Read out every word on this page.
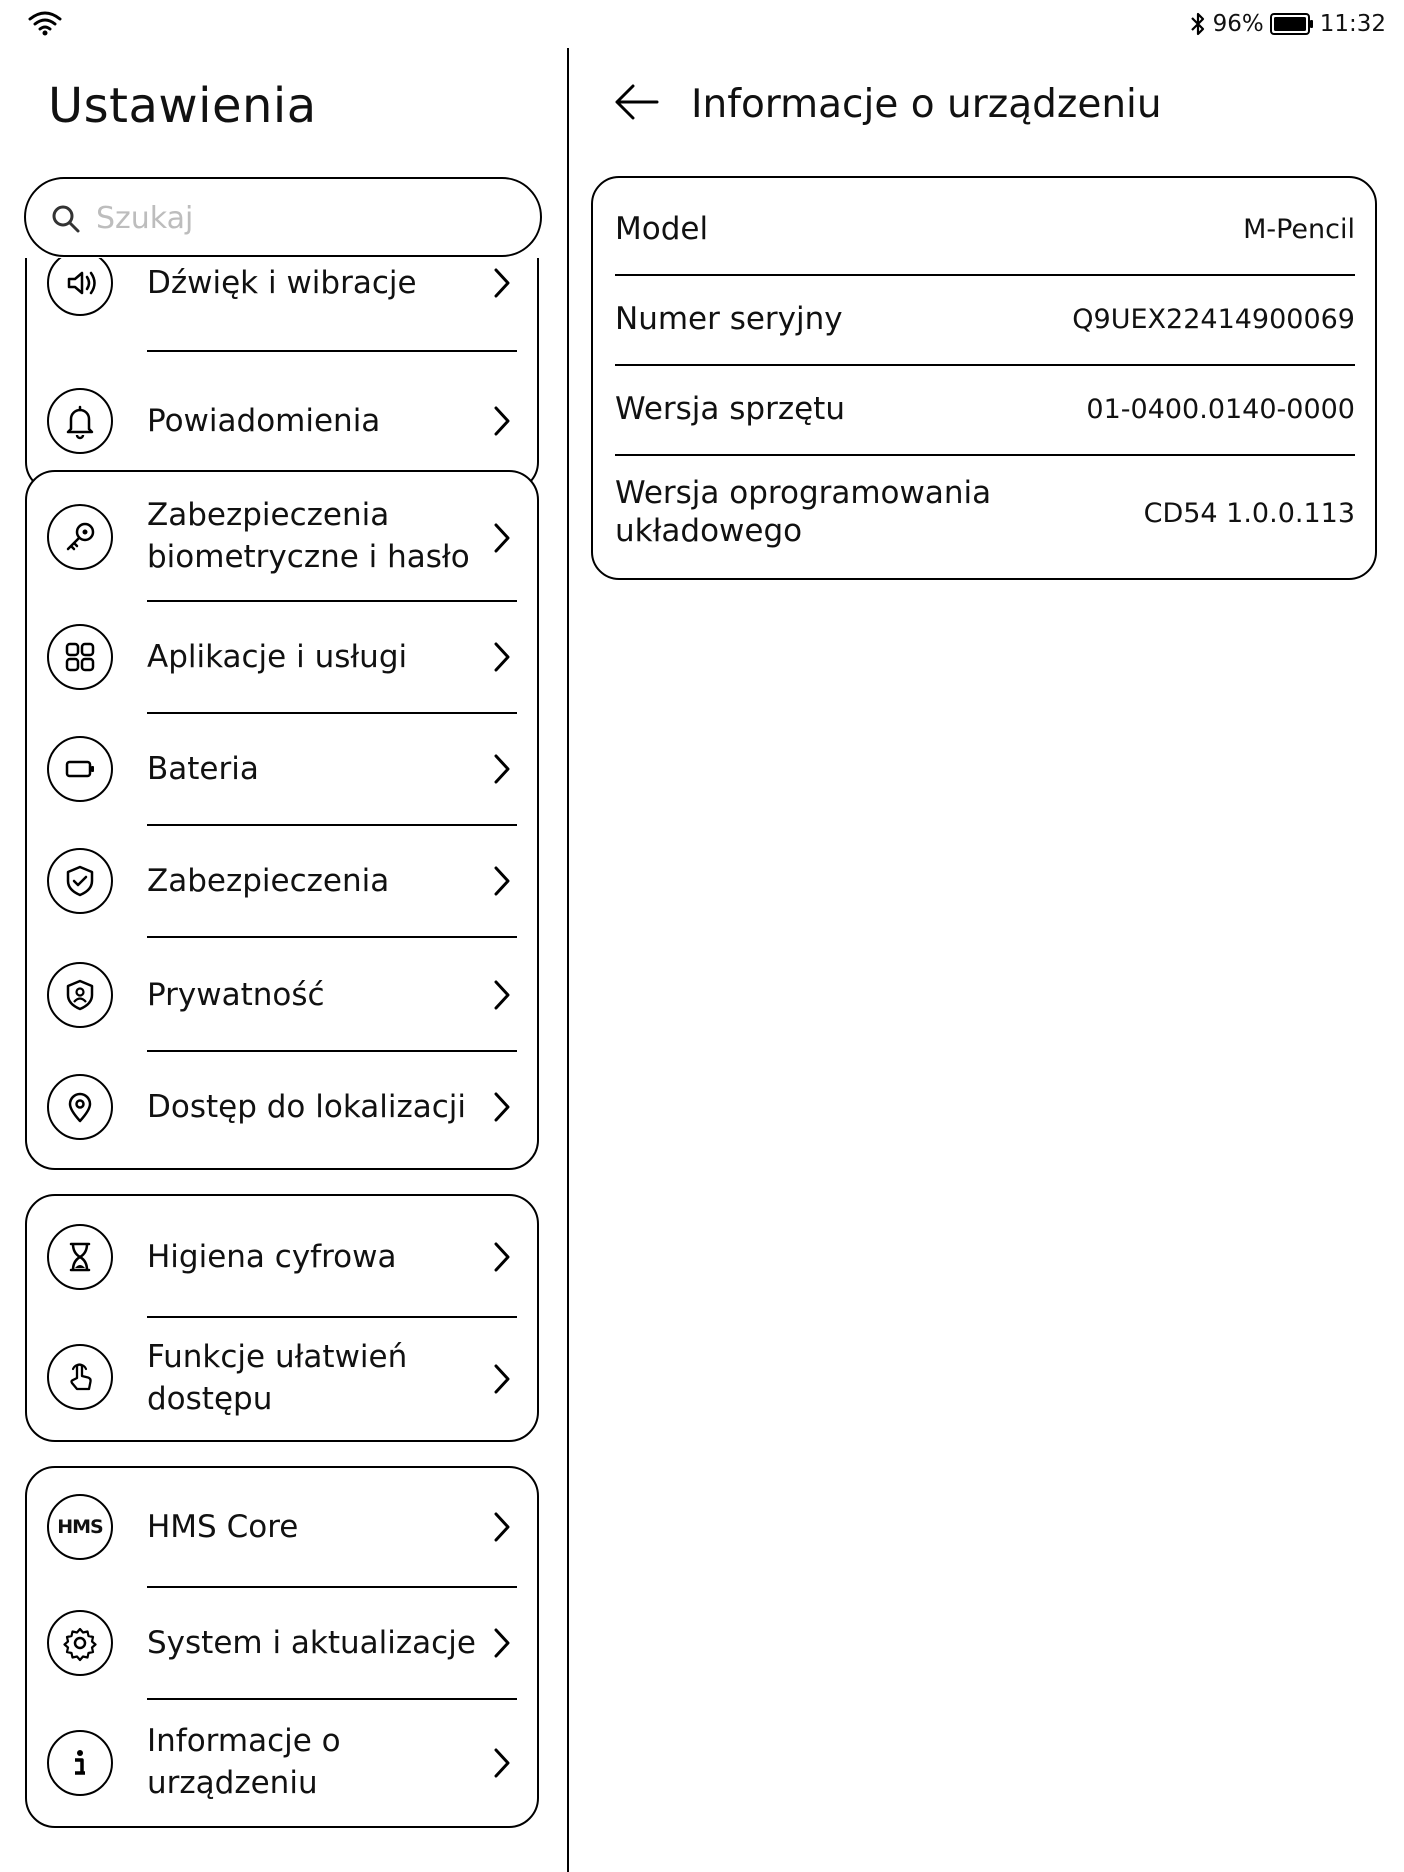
96% 11:32
Ustawienia
Szukaj
Dźwięk i wibracje
Powiadomienia
Zabezpieczenia biometryczne i hasło
Aplikacje i usługi
Bateria
Zabezpieczenia
Prywatność
Dostęp do lokalizacji
Higiena cyfrowa
Funkcje ułatwień dostępu
HMS HMS Core
System i aktualizacje
Informacje o urządzeniu
Informacje o urządzeniu
Model	M-Pencil
Numer seryjny	Q9UEX22414900069
Wersja sprzętu	01-0400.0140-0000
Wersja oprogramowania układowego	CD54 1.0.0.113
